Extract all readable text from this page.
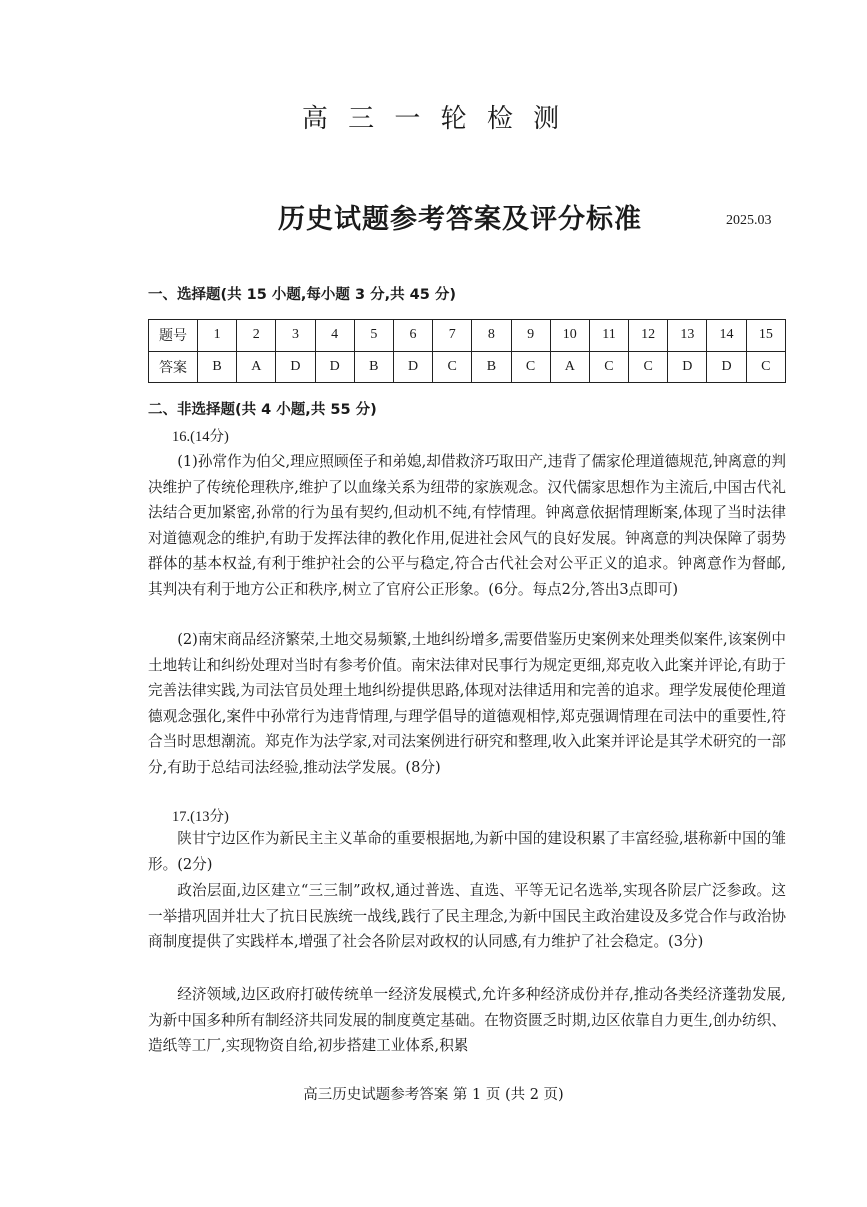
高 三 一 轮 检 测
历史试题参考答案及评分标准	2025.03
一、选择题(共 15 小题,每小题 3 分,共 45 分)
题号	1	2	3	4	5	6	7	8	9	10	11	12	13	14	15
答案	B	A	D	D	B	D	C	B	C	A	C	C	D	D	C
二、非选择题(共 4 小题,共 55 分)
16.(14分)
(1)孙常作为伯父,理应照顾侄子和弟媳,却借救济巧取田产,违背了儒家伦理道德规范,钟离意的判决维护了传统伦理秩序,维护了以血缘关系为纽带的家族观念。汉代儒家思想作为主流后,中国古代礼法结合更加紧密,孙常的行为虽有契约,但动机不纯,有悖情理。钟离意依据情理断案,体现了当时法律对道德观念的维护,有助于发挥法律的教化作用,促进社会风气的良好发展。钟离意的判决保障了弱势群体的基本权益,有利于维护社会的公平与稳定,符合古代社会对公平正义的追求。钟离意作为督邮,其判决有利于地方公正和秩序,树立了官府公正形象。(6分。每点2分,答出3点即可)
(2)南宋商品经济繁荣,土地交易频繁,土地纠纷增多,需要借鉴历史案例来处理类似案件,该案例中土地转让和纠纷处理对当时有参考价值。南宋法律对民事行为规定更细,郑克收入此案并评论,有助于完善法律实践,为司法官员处理土地纠纷提供思路,体现对法律适用和完善的追求。理学发展使伦理道德观念强化,案件中孙常行为违背情理,与理学倡导的道德观相悖,郑克强调情理在司法中的重要性,符合当时思想潮流。郑克作为法学家,对司法案例进行研究和整理,收入此案并评论是其学术研究的一部分,有助于总结司法经验,推动法学发展。(8分)
17.(13分)
陕甘宁边区作为新民主主义革命的重要根据地,为新中国的建设积累了丰富经验,堪称新中国的雏形。(2分)
政治层面,边区建立“三三制”政权,通过普选、直选、平等无记名选举,实现各阶层广泛参政。这一举措巩固并壮大了抗日民族统一战线,践行了民主理念,为新中国民主政治建设及多党合作与政治协商制度提供了实践样本,增强了社会各阶层对政权的认同感,有力维护了社会稳定。(3分)
经济领域,边区政府打破传统单一经济发展模式,允许多种经济成份并存,推动各类经济蓬勃发展,为新中国多种所有制经济共同发展的制度奠定基础。在物资匮乏时期,边区依靠自力更生,创办纺织、造纸等工厂,实现物资自给,初步搭建工业体系,积累
高三历史试题参考答案 第 1 页 (共 2 页)
